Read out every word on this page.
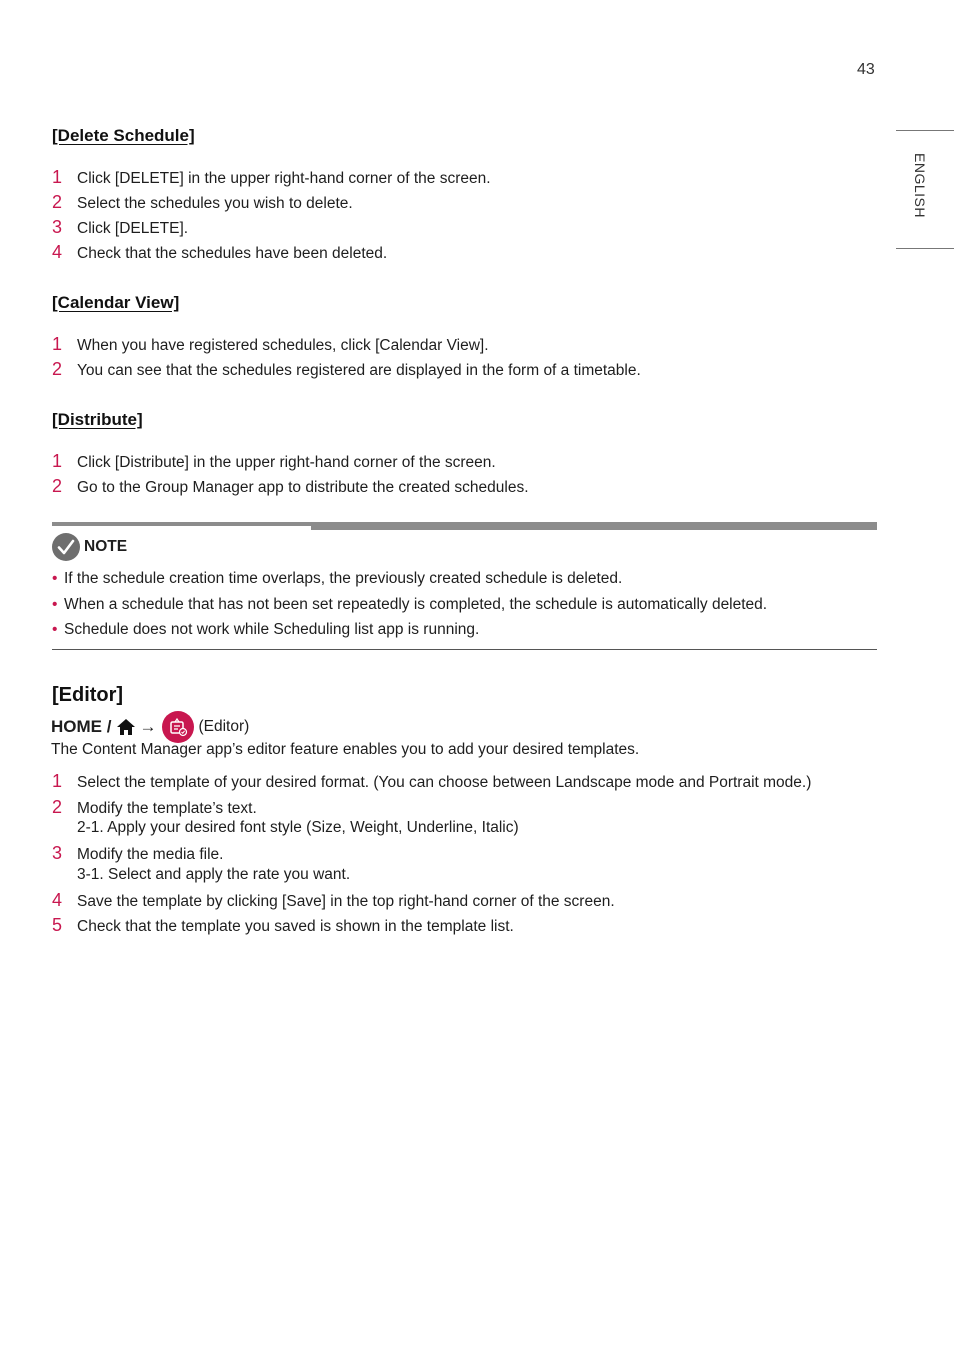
43
ENGLISH
[Delete Schedule]
1 Click [DELETE] in the upper right-hand corner of the screen.
2 Select the schedules you wish to delete.
3 Click [DELETE].
4 Check that the schedules have been deleted.
[Calendar View]
1 When you have registered schedules, click [Calendar View].
2 You can see that the schedules registered are displayed in the form of a timetable.
[Distribute]
1 Click [Distribute] in the upper right-hand corner of the screen.
2 Go to the Group Manager app to distribute the created schedules.
NOTE
• If the schedule creation time overlaps, the previously created schedule is deleted.
• When a schedule that has not been set repeatedly is completed, the schedule is automatically deleted.
• Schedule does not work while Scheduling list app is running.
[Editor]
HOME / →	(Editor)
The Content Manager app’s editor feature enables you to add your desired templates.
1 Select the template of your desired format. (You can choose between Landscape mode and Portrait mode.)
2 Modify the template’s text.
2-1. Apply your desired font style (Size, Weight, Underline, Italic)
3 Modify the media file.
3-1. Select and apply the rate you want.
4 Save the template by clicking [Save] in the top right-hand corner of the screen.
5 Check that the template you saved is shown in the template list.
